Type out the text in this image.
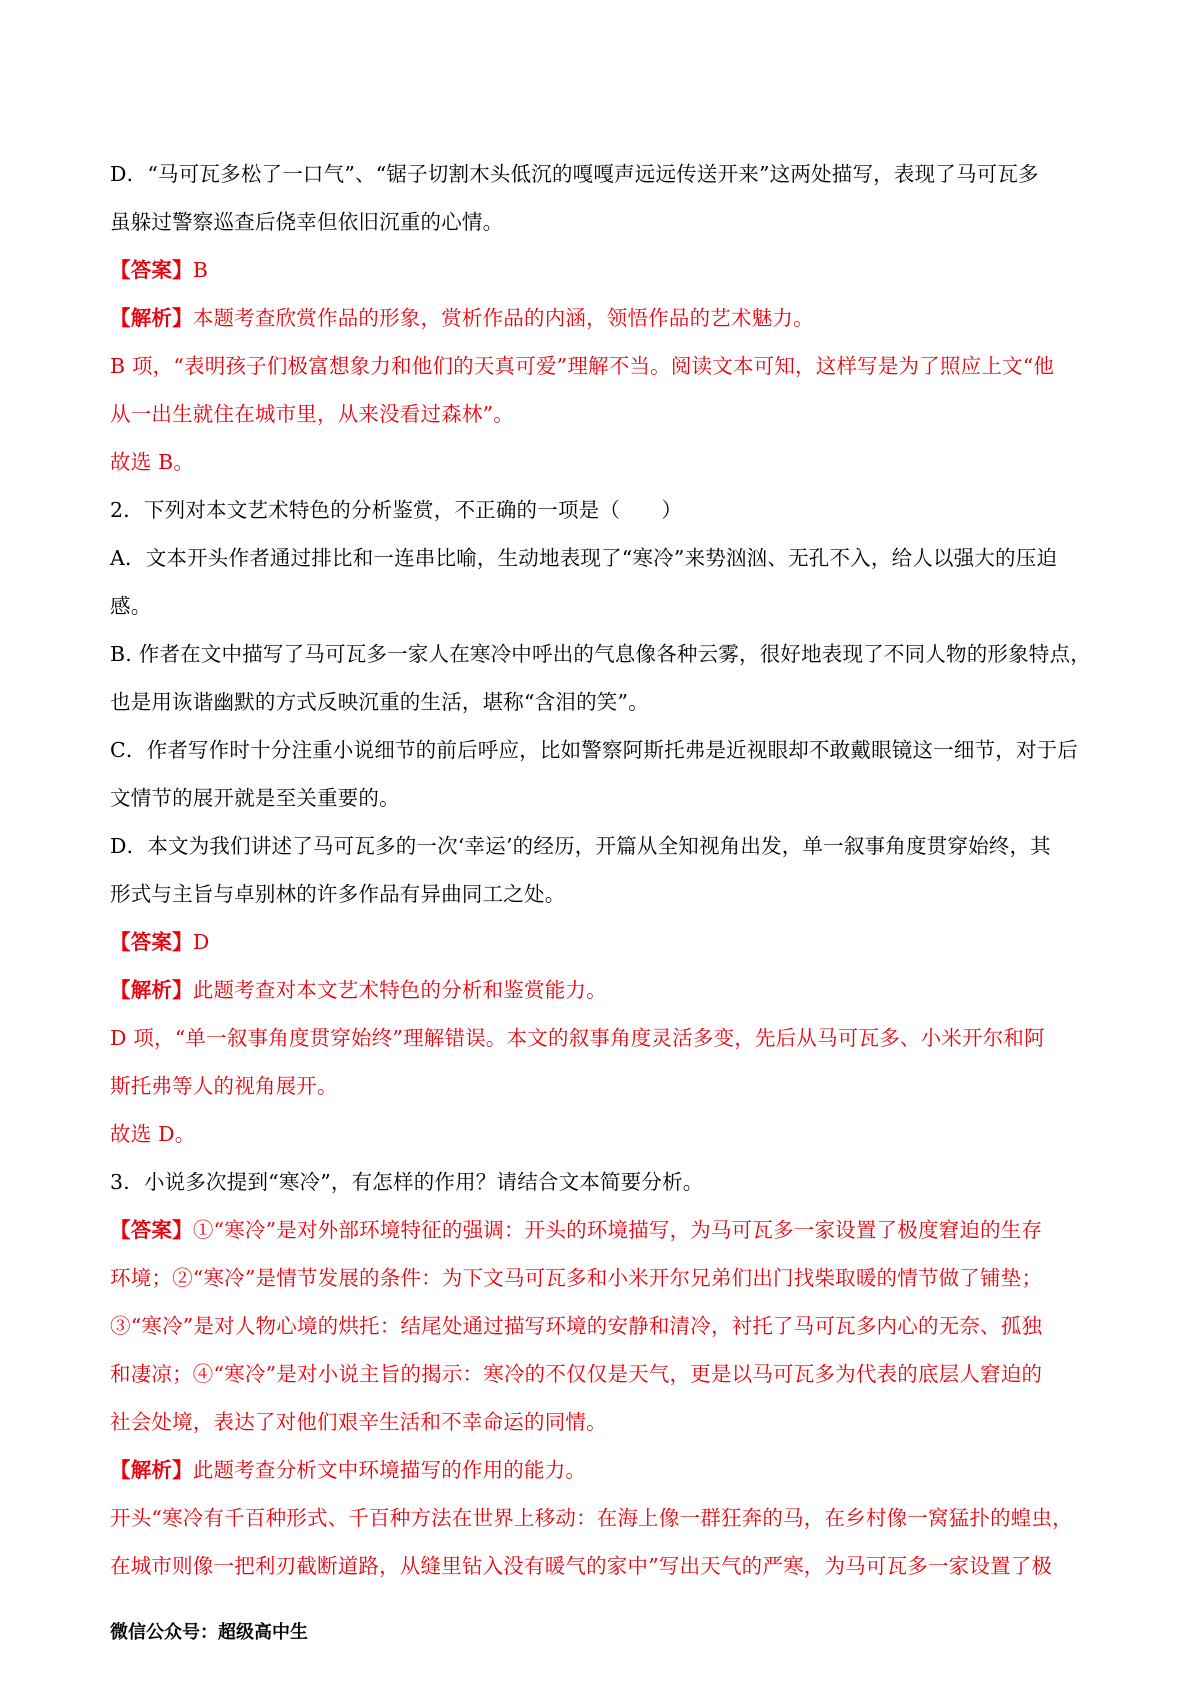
D．“马可瓦多松了一口气”、“锯子切割木头低沉的嘎嘎声远远传送开来”这两处描写，表现了马可瓦多
虽躲过警察巡查后侥幸但依旧沉重的心情。
【答案】B
【解析】本题考查欣赏作品的形象，赏析作品的内涵，领悟作品的艺术魅力。
B 项，“表明孩子们极富想象力和他们的天真可爱”理解不当。阅读文本可知，这样写是为了照应上文“他
从一出生就住在城市里，从来没看过森林”。
故选 B。
2．下列对本文艺术特色的分析鉴赏，不正确的一项是（　　）
A．文本开头作者通过排比和一连串比喻，生动地表现了“寒冷”来势汹汹、无孔不入，给人以强大的压迫
感。
B. 作者在文中描写了马可瓦多一家人在寒冷中呼出的气息像各种云雾，很好地表现了不同人物的形象特点，
也是用诙谐幽默的方式反映沉重的生活，堪称“含泪的笑”。
C．作者写作时十分注重小说细节的前后呼应，比如警察阿斯托弗是近视眼却不敢戴眼镜这一细节，对于后
文情节的展开就是至关重要的。
D．本文为我们讲述了马可瓦多的一次‘幸运’的经历，开篇从全知视角出发，单一叙事角度贯穿始终，其
形式与主旨与卓别林的许多作品有异曲同工之处。
【答案】D
【解析】此题考查对本文艺术特色的分析和鉴赏能力。
D 项，“单一叙事角度贯穿始终”理解错误。本文的叙事角度灵活多变，先后从马可瓦多、小米开尔和阿
斯托弗等人的视角展开。
故选 D。
3．小说多次提到“寒冷”，有怎样的作用？请结合文本简要分析。
【答案】①“寒冷”是对外部环境特征的强调：开头的环境描写，为马可瓦多一家设置了极度窘迫的生存
环境；②“寒冷”是情节发展的条件：为下文马可瓦多和小米开尔兄弟们出门找柴取暖的情节做了铺垫；
③“寒冷”是对人物心境的烘托：结尾处通过描写环境的安静和清冷，衬托了马可瓦多内心的无奈、孤独
和凄凉；④“寒冷”是对小说主旨的揭示：寒冷的不仅仅是天气，更是以马可瓦多为代表的底层人窘迫的
社会处境，表达了对他们艰辛生活和不幸命运的同情。
【解析】此题考查分析文中环境描写的作用的能力。
开头“寒冷有千百种形式、千百种方法在世界上移动：在海上像一群狂奔的马，在乡村像一窝猛扑的蝗虫，
在城市则像一把利刃截断道路，从缝里钻入没有暖气的家中”写出天气的严寒，为马可瓦多一家设置了极
微信公众号：超级高中生
